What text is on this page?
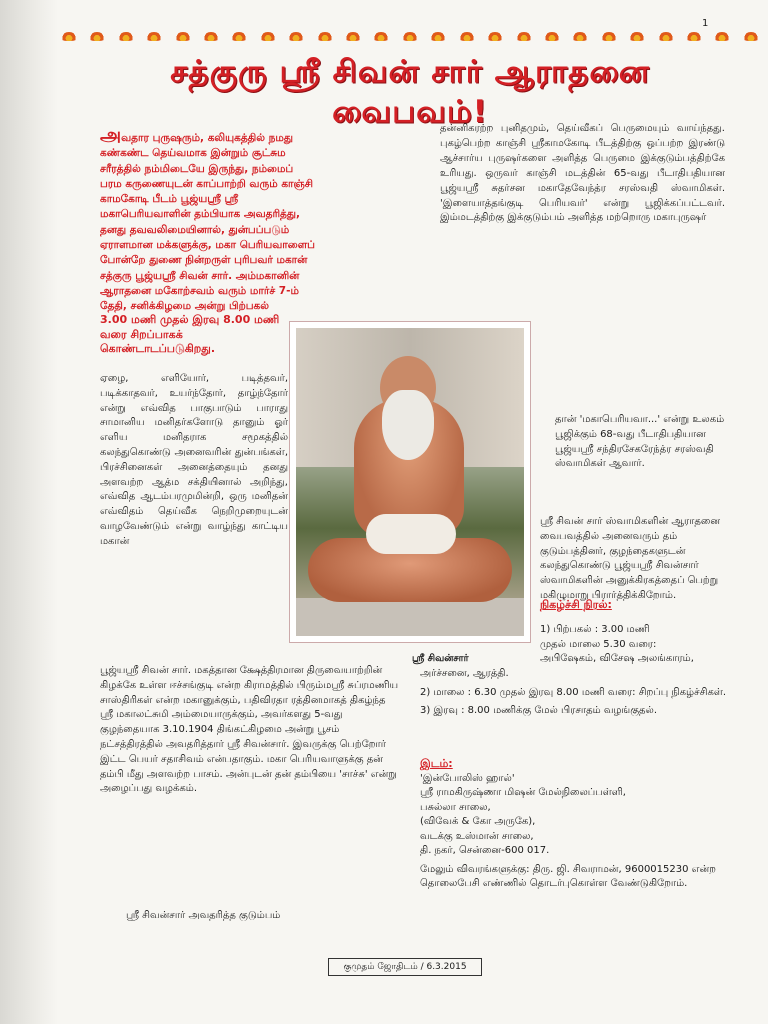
1
சத்குரு ஸ்ரீ சிவன் சார் ஆராதனை
வைபவம்!
அவதார புருஷரும், கலியுகத்தில் நமது கண்கண்ட தெய்வமாக இன்றும் சூட்சும சரீரத்தில் நம்மிடையே இருந்து, நம்மைப் பரம கருணையுடன் காப்பாற்றி வரும் காஞ்சி காமகோடி பீடம் பூஜ்யஸ்ரீ ஸ்ரீ மகாபெரியவாளின் தம்பியாக அவதரித்து, தனது தவவலிமையினால், துன்பப்படும் ஏராளமான மக்களுக்கு, மகா பெரியவாளைப் போன்றே துணை நின்றருள் புரிபவர் மகான் சத்குரு பூஜ்யஸ்ரீ சிவன் சார். அம்மகானின் ஆராதனை மகோற்சவம் வரும் மார்ச் 7-ம் தேதி, சனிக்கிழமை அன்று பிற்பகல்
3.00 மணி முதல் இரவு 8.00 மணி வரை சிறப்பாகக் கொண்டாடப்படுகிறது.
ஸ்ரீ சிவன்சார்
ஏழை, எளியோர், படித்தவர், படிக்காதவர், உயர்ந்தோர், தாழ்ந்தோர் என்று எவ்வித பாகுபாடும் பாராது சாமானிய மனிதர்களோடு தானும் ஓர் எளிய மனிதராக சமூகத்தில் கலந்துகொண்டு அனைவரின் துன்பங்கள், பிரச்சினைகள் அனைத்தையும் தனது அளவற்ற ஆத்ம சக்தியினால் அறிந்து, எவ்வித ஆடம்பரமுமின்றி, ஒரு மனிதன் எவ்விதம் தெய்வீக நெறிமுறையுடன் வாழவேண்டும் என்று வாழ்ந்து காட்டிய மகான்
பூஜ்யஸ்ரீ சிவன் சார். மகத்தான க்ஷேத்திரமான திருவையாற்றின் கிழக்கே உள்ள ஈச்சங்குடி என்ற கிராமத்தில் பிரும்மஸ்ரீ சுப்ரமணிய சாஸ்திரிகள் என்ற மகானுக்கும், பதிவிரதா ரத்தினமாகத் திகழ்ந்த ஸ்ரீ மகாலட்சுமி அம்மையாருக்கும், அவர்களது 5-வது குழந்தையாக 3.10.1904 திங்கட்கிழமை அன்று பூசம் நட்சத்திரத்தில் அவதரித்தார் ஸ்ரீ சிவன்சார். இவருக்கு பெற்றோர் இட்ட பெயர் சதாசிவம் என்பதாகும். மகா பெரியவாளுக்கு தன் தம்பி மீது அளவற்ற பாசம். அன்புடன் தன் தம்பியை 'சாச்சு' என்று அழைப்பது வழக்கம்.
ஸ்ரீ சிவன்சார் அவதரித்த குடும்பம்
தன்னிகரற்ற புனிதமும், தெய்வீகப் பெருமையும் வாய்ந்தது. புகழ்பெற்ற காஞ்சி ஸ்ரீகாமகோடி பீடத்திற்கு ஒப்பற்ற இரண்டு ஆச்சார்ய புருஷர்களை அளித்த பெருமை இக்குடும்பத்திற்கே உரியது. ஒருவர் காஞ்சி மடத்தின் 65-வது பீடாதிபதியான பூஜ்யஸ்ரீ சுதர்சன மகாதேவேந்த்ர சரஸ்வதி ஸ்வாமிகள். 'இளையாத்தங்குடி பெரியவர்' என்று பூஜிக்கப்பட்டவர். இம்மடத்திற்கு இக்குடும்பம் அளித்த மற்றொரு மகாபுருஷர்
தான் 'மகாபெரியவா...' என்று உலகம் பூஜிக்கும் 68-வது பீடாதிபதியான பூஜ்யஸ்ரீ சந்திரசேகரேந்த்ர சரஸ்வதி ஸ்வாமிகள் ஆவார்.
ஸ்ரீ சிவன் சார் ஸ்வாமிகளின் ஆராதனை வைபவத்தில் அனைவரும் தம் குடும்பத்தினர், குழந்தைகளுடன் கலந்துகொண்டு பூஜ்யஸ்ரீ சிவன்சார் ஸ்வாமிகளின் அனுக்கிரகத்தைப் பெற்று மகிழுமாறு பிரார்த்திக்கிறோம்.
நிகழ்ச்சி நிரல்:

1) பிற்பகல் : 3.00 மணி

முதல் மாலை 5.30 வரை:

அபிஷேகம், விசேஷ அலங்காரம்,

அர்ச்சனை, ஆரத்தி.

2) மாலை : 6.30 முதல் இரவு 8.00 மணி வரை: சிறப்பு நிகழ்ச்சிகள்.

3) இரவு : 8.00 மணிக்கு மேல் பிரசாதம் வழங்குதல்.

இடம்:
'இன்போலிஸ் ஹால்'
ஸ்ரீ ராமகிருஷ்ணா மிஷன் மேல்நிலைப்பள்ளி,
பசுல்லா சாலை,
(விவேக் & கோ அருகே),
வடக்கு உஸ்மான் சாலை,
தி. நகர், சென்னை-600 017.
மேலும் விவரங்களுக்கு: திரு. ஜி. சிவராமன், 9600015230 என்ற தொலைபேசி எண்ணில் தொடர்புகொள்ள வேண்டுகிறோம்.
குமுதம் ஜோதிடம் / 6.3.2015
